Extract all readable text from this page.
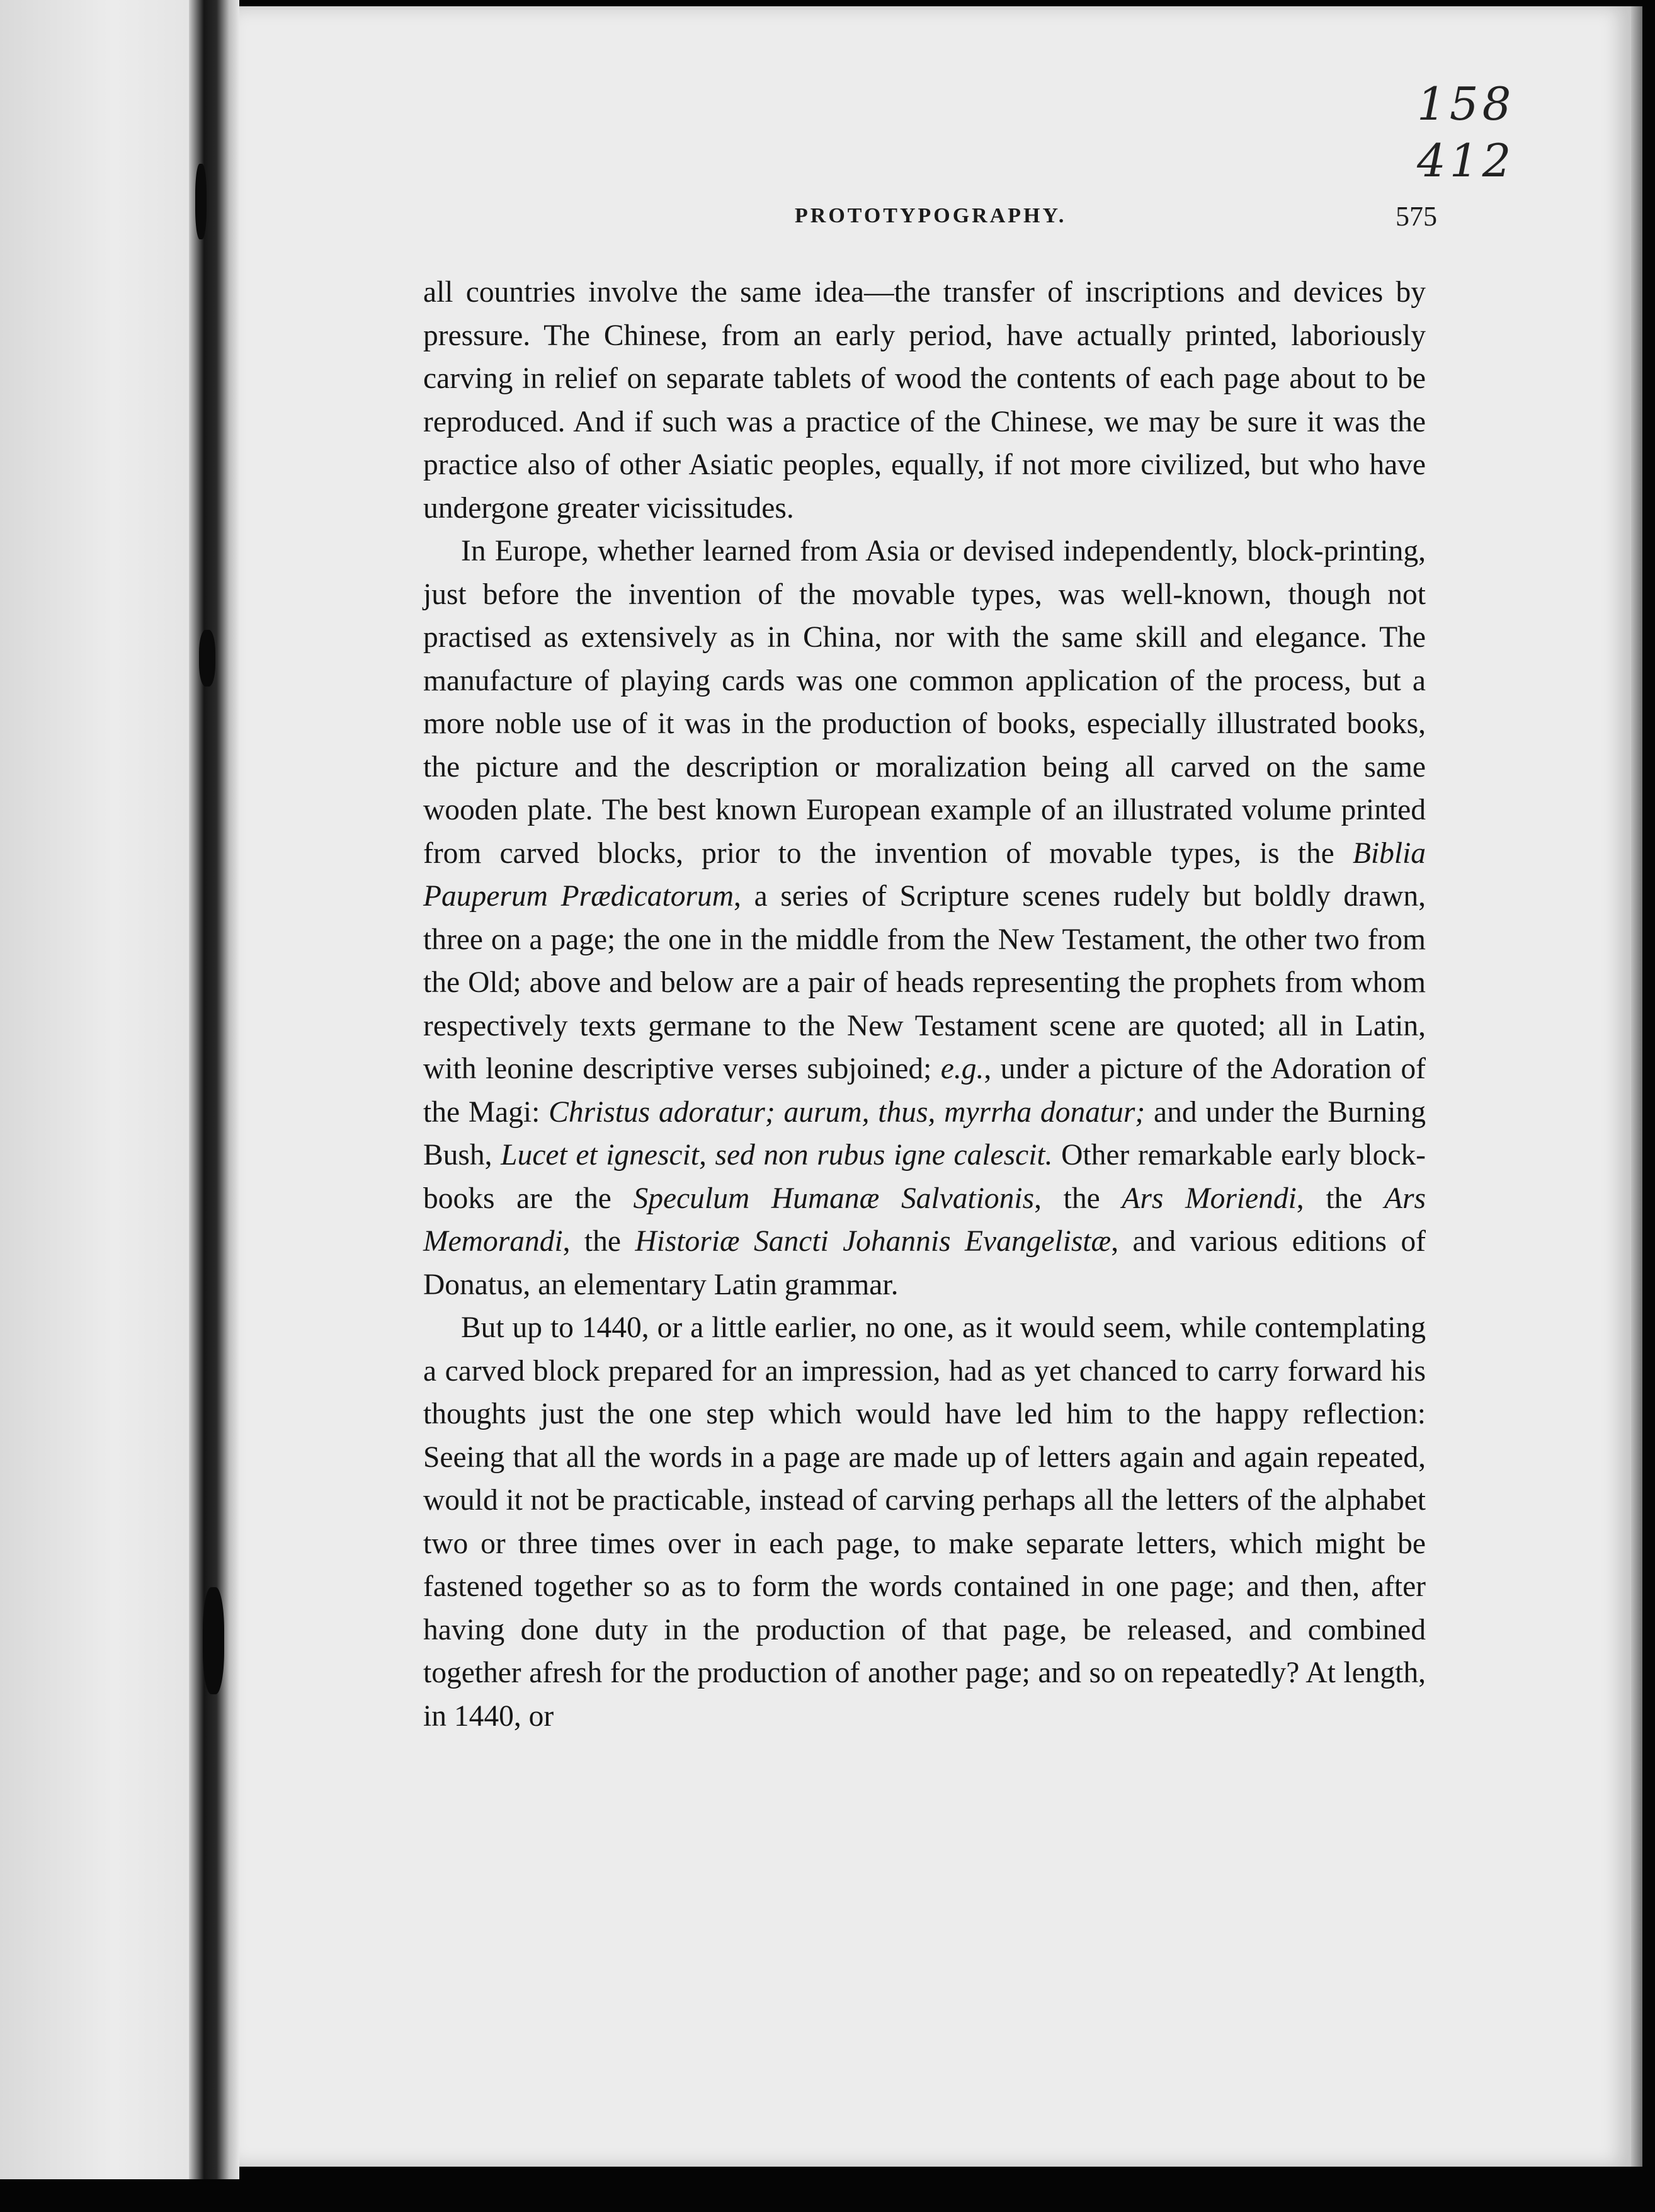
158
412
PROTOTYPOGRAPHY.	575

all countries involve the same idea—the transfer of inscriptions and devices by pressure. The Chinese, from an early period, have actually printed, laboriously carving in relief on separate tablets of wood the contents of each page about to be reproduced. And if such was a practice of the Chinese, we may be sure it was the practice also of other Asiatic peoples, equally, if not more civilized, but who have undergone greater vicissitudes.

In Europe, whether learned from Asia or devised independently, block-printing, just before the invention of the movable types, was well-known, though not practised as extensively as in China, nor with the same skill and elegance. The manufacture of playing cards was one common application of the process, but a more noble use of it was in the production of books, especially illustrated books, the picture and the description or moralization being all carved on the same wooden plate. The best known European example of an illustrated volume printed from carved blocks, prior to the invention of movable types, is the Biblia Pauperum Prædicatorum, a series of Scripture scenes rudely but boldly drawn, three on a page; the one in the middle from the New Testament, the other two from the Old; above and below are a pair of heads representing the prophets from whom respectively texts germane to the New Testament scene are quoted; all in Latin, with leonine descriptive verses subjoined; e.g., under a picture of the Adoration of the Magi: Christus adoratur; aurum, thus, myrrha donatur; and under the Burning Bush, Lucet et ignescit, sed non rubus igne calescit. Other remarkable early block-books are the Speculum Humanæ Salvationis, the Ars Moriendi, the Ars Memorandi, the Historiæ Sancti Johannis Evangelistæ, and various editions of Donatus, an elementary Latin grammar.

But up to 1440, or a little earlier, no one, as it would seem, while contemplating a carved block prepared for an impression, had as yet chanced to carry forward his thoughts just the one step which would have led him to the happy reflection: Seeing that all the words in a page are made up of letters again and again repeated, would it not be practicable, instead of carving perhaps all the letters of the alphabet two or three times over in each page, to make separate letters, which might be fastened together so as to form the words contained in one page; and then, after having done duty in the production of that page, be released, and combined together afresh for the production of another page; and so on repeatedly? At length, in 1440, or
